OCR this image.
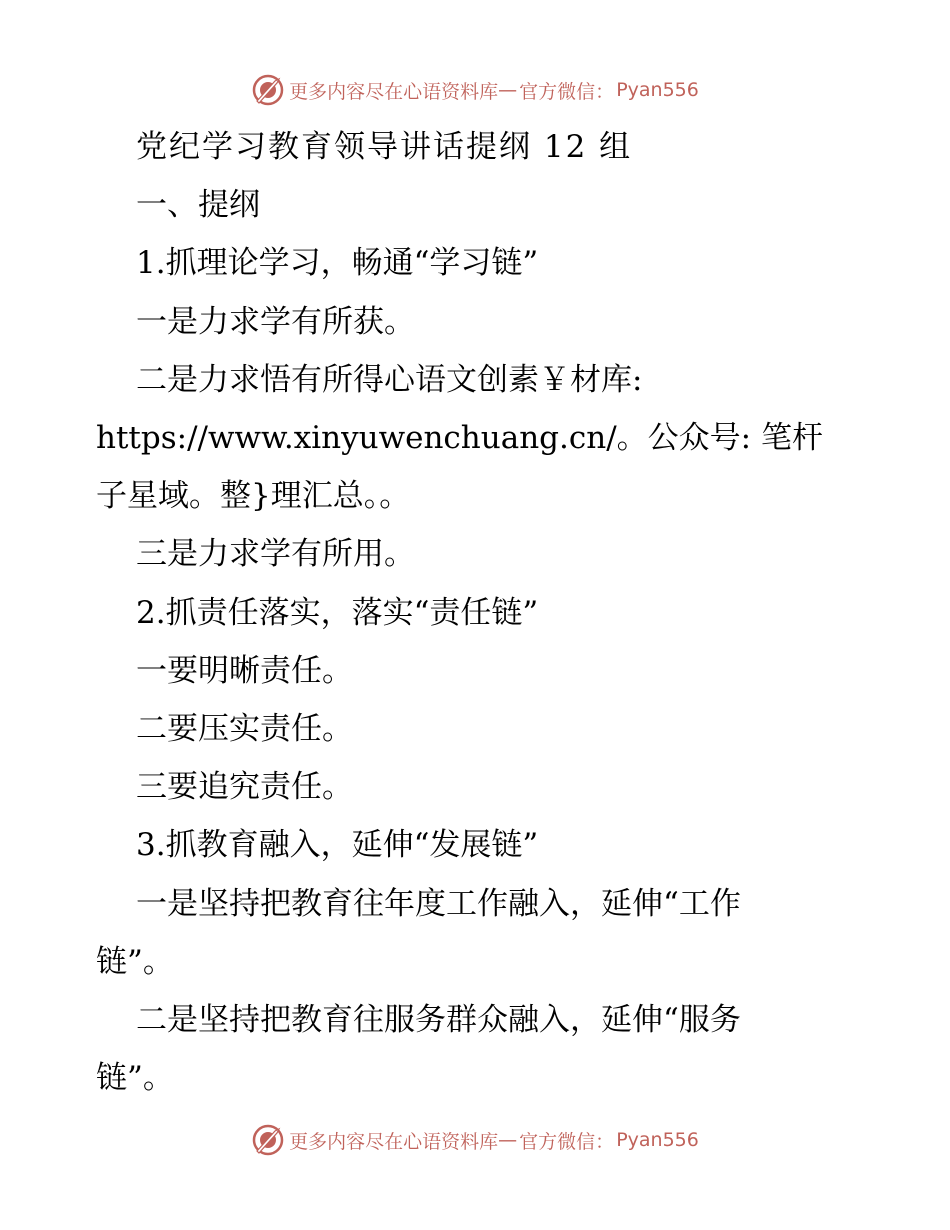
更多内容尽在心语资料库 — 官方微信： Pyan556

党纪学习教育领导讲话提纲 12 组

一、提纲

1.抓理论学习，畅通“学习链”

一是力求学有所获。

二是力求悟有所得心语文创素￥材库:

https://www.xinyuwenchuang.cn/。公众号: 笔杆

子星域。整}理汇总。。

三是力求学有所用。

2.抓责任落实，落实“责任链”

一要明晰责任。

二要压实责任。

三要追究责任。

3.抓教育融入，延伸“发展链”

一是坚持把教育往年度工作融入，延伸“工作

链”。

二是坚持把教育往服务群众融入，延伸“服务

链”。

更多内容尽在心语资料库 — 官方微信： Pyan556
